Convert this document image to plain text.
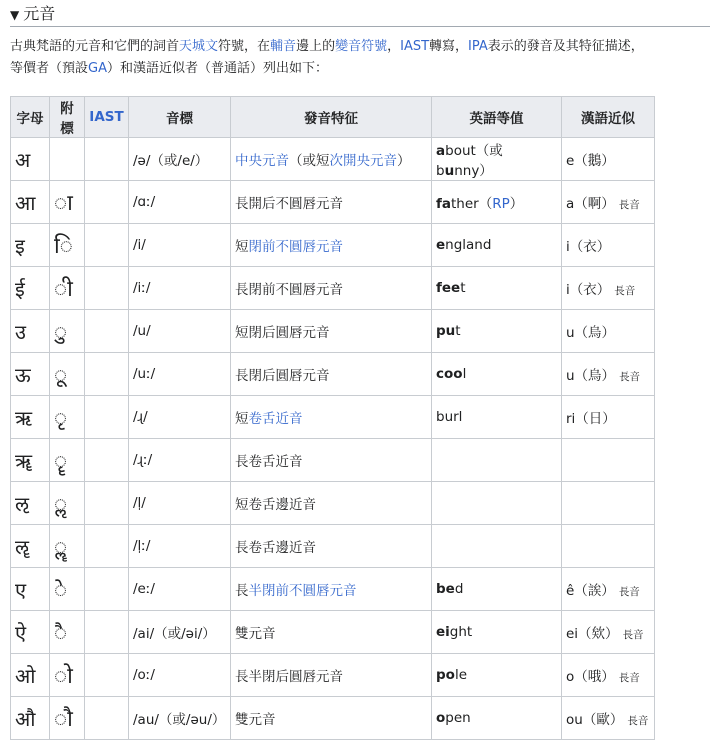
▼ 元音

古典梵語的元音和它們的詞首天城文符號，在輔音邊上的變音符號，IAST轉寫，IPA表示的發音及其特征描述，

等價者（預設GA）和漢語近似者（普通話）列出如下：

字母	附標	IAST	音標	發音特征	英語等值	漢語近似
अ			/ə/（或/e/）	中央元音（或短次開央元音）	about（或bunny）	e（鵝）
आ	◌ा		/ɑː/	長開后不圓唇元音	father（RP）	a（啊） 長音
इ	◌ि		/i/	短閉前不圓唇元音	england	i（衣）
ई	◌ी		/iː/	長閉前不圓唇元音	feet	i（衣） 長音
उ	◌ु		/u/	短閉后圓唇元音	put	u（烏）
ऊ	◌ू		/uː/	長閉后圓唇元音	cool	u（烏） 長音
ऋ	◌ृ		/ɻ/	短卷舌近音	burl	ri（日）
ॠ	◌ॄ		/ɻː/	長卷舌近音		
ऌ	◌ॢ		/l̩/	短卷舌邊近音		
ॡ	◌ॣ		/l̩ː/	長卷舌邊近音		
ए	◌े		/eː/	長半閉前不圓唇元音	bed	ê（誒） 長音
ऐ	◌ै		/ai/（或/əi/）	雙元音	eight	ei（欸） 長音
ओ	◌ो		/oː/	長半閉后圓唇元音	pole	o（哦） 長音
औ	◌ौ		/au/（或/əu/）	雙元音	open	ou（歐） 長音
